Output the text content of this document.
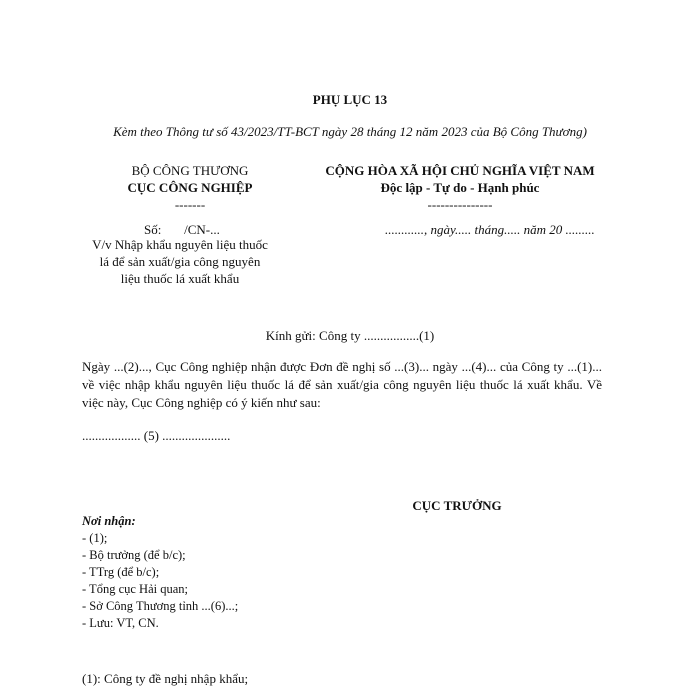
PHỤ LỤC 13
Kèm theo Thông tư số 43/2023/TT-BCT ngày 28 tháng 12 năm 2023 của Bộ Công Thương)
BỘ CÔNG THƯƠNG
CỤC CÔNG NGHIỆP
-------
CỘNG HÒA XÃ HỘI CHỦ NGHĨA VIỆT NAM
Độc lập - Tự do - Hạnh phúc
---------------
Số:       /CN-...	............, ngày..... tháng..... năm 20 .........
V/v Nhập khẩu nguyên liệu thuốc
lá để sản xuất/gia công nguyên
liệu thuốc lá xuất khẩu
Kính gửi: Công ty .................(1)
Ngày ...(2)..., Cục Công nghiệp nhận được Đơn đề nghị số ...(3)... ngày ...(4)... của Công ty ...(1)... về việc nhập khẩu nguyên liệu thuốc lá để sản xuất/gia công nguyên liệu thuốc lá xuất khẩu. Về việc này, Cục Công nghiệp có ý kiến như sau:
.................. (5) .....................
CỤC TRƯỞNG
Nơi nhận:
- (1);
- Bộ trưởng (để b/c);
- TTrg (để b/c);
- Tổng cục Hải quan;
- Sở Công Thương tỉnh ...(6)...;
- Lưu: VT, CN.
(1): Công ty đề nghị nhập khẩu;
